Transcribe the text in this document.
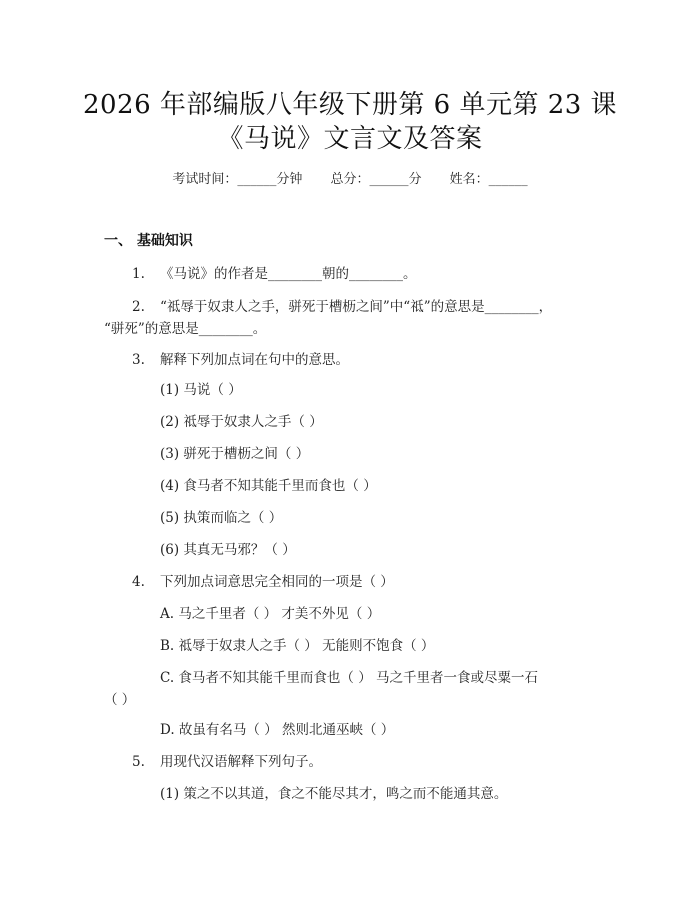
2026 年部编版八年级下册第 6 单元第 23 课
《马说》文言文及答案
考试时间：______分钟 总分：______分 姓名：______
一、 基础知识
1. 《马说》的作者是________朝的________。
2. “祗辱于奴隶人之手，骈死于槽枥之间”中“祗”的意思是________，
“骈死”的意思是________。
3. 解释下列加点词在句中的意思。
(1) 马说（ ）
(2) 祗辱于奴隶人之手（ ）
(3) 骈死于槽枥之间（ ）
(4) 食马者不知其能千里而食也（ ）
(5) 执策而临之（ ）
(6) 其真无马邪？（ ）
4. 下列加点词意思完全相同的一项是（ ）
A. 马之千里者（ ） 才美不外见（ ）
B. 祗辱于奴隶人之手（ ） 无能则不饱食（ ）
C. 食马者不知其能千里而食也（ ） 马之千里者一食或尽粟一石
（ ）
D. 故虽有名马（ ） 然则北通巫峡（ ）
5. 用现代汉语解释下列句子。
(1) 策之不以其道，食之不能尽其才，鸣之而不能通其意。
